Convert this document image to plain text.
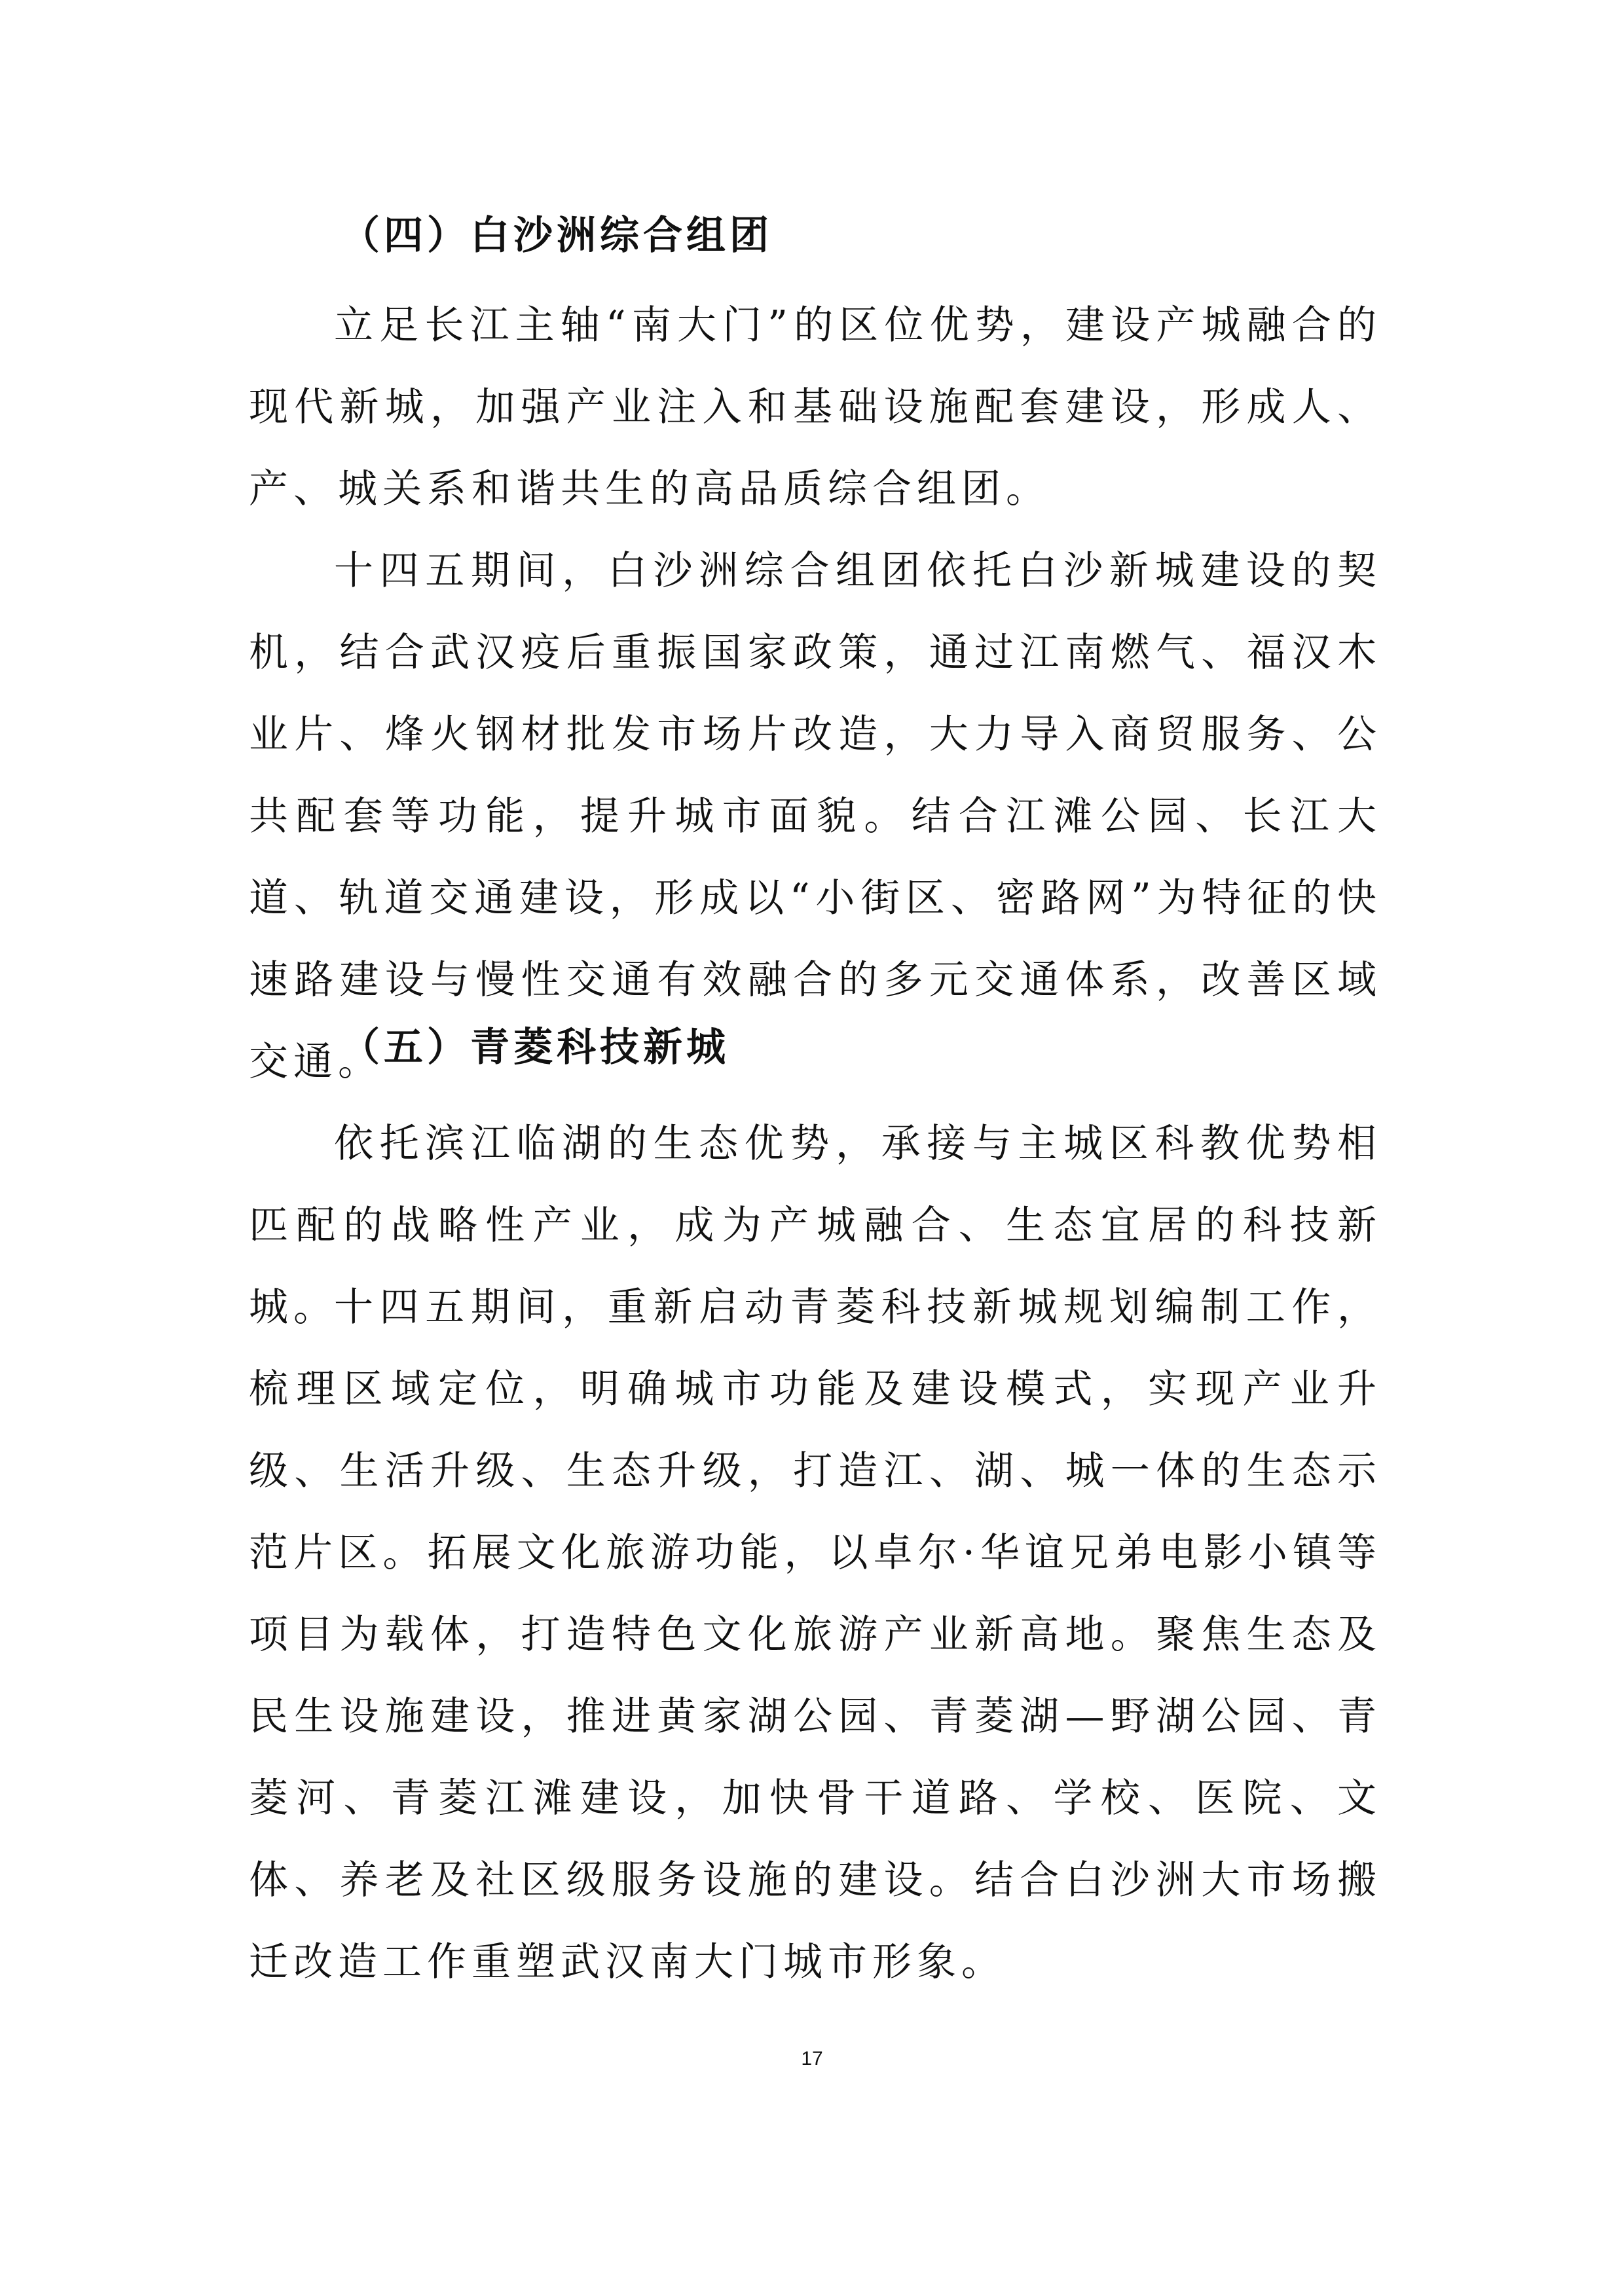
（四）白沙洲综合组团

立足长江主轴“南大门”的区位优势，建设产城融合的现代新城，加强产业注入和基础设施配套建设，形成人、产、城关系和谐共生的高品质综合组团。

十四五期间，白沙洲综合组团依托白沙新城建设的契机，结合武汉疫后重振国家政策，通过江南燃气、福汉木业片、烽火钢材批发市场片改造，大力导入商贸服务、公共配套等功能，提升城市面貌。结合江滩公园、长江大道、轨道交通建设，形成以“小街区、密路网”为特征的快速路建设与慢性交通有效融合的多元交通体系，改善区域交通。

（五）青菱科技新城

依托滨江临湖的生态优势，承接与主城区科教优势相匹配的战略性产业，成为产城融合、生态宜居的科技新城。

十四五期间，重新启动青菱科技新城规划编制工作，梳理区域定位，明确城市功能及建设模式，实现产业升级、生活升级、生态升级，打造江、湖、城一体的生态示范片区。拓展文化旅游功能，以卓尔·华谊兄弟电影小镇等项目为载体，打造特色文化旅游产业新高地。聚焦生态及民生设施建设，推进黄家湖公园、青菱湖—野湖公园、青菱河、青菱江滩建设，加快骨干道路、学校、医院、文体、养老及社区级服务设施的建设。结合白沙洲大市场搬迁改造工作重塑武汉南大门城市形象。

17
